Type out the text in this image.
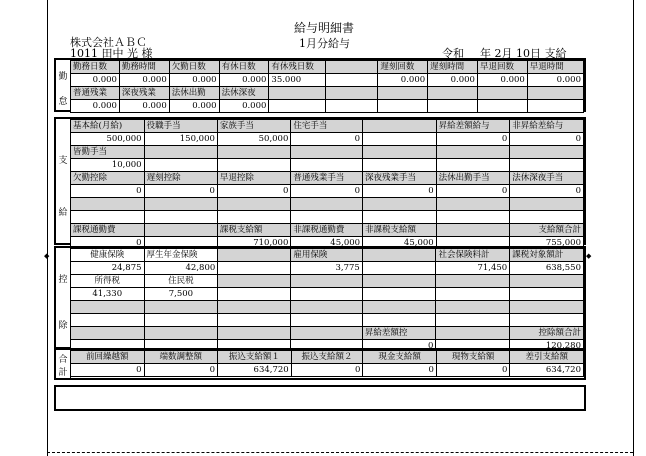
給与明細書
1月分給与
株式会社ＡＢＣ
1011 田中 光 様	令和 年 2月 10日 支給
勤
怠
勤務日数	勤務時間	欠勤日数	有休日数	有休残日数		遅刻回数	遅刻時間	早退回数	早退時間
0.000	0.000	0.000	0.000	35.000		0.000	0.000	0.000	0.000
普通残業	深夜残業	法休出勤	法休深夜						
0.000	0.000	0.000	0.000						
支
給
基本給(月給)	役職手当	家族手当	住宅手当		昇給差額給与	非昇給差給与
500,000	150,000	50,000	0		0	0
皆勤手当						
10,000						
欠勤控除	遅刻控除	早退控除	普通残業手当	深夜残業手当	法休出勤手当	法休深夜手当
0	0	0	0	0	0	0

課税通勤費		課税支給額	非課税通勤費	非課税支給額		支給額合計
0		710,000	45,000	45,000		755,000
◆	◆
控
除
健康保険	厚生年金保険		雇用保険		社会保険料計	課税対象額計
24,875	42,800		3,775		71,450	638,550
所得税	住民税					
41,330	7,500					

				昇給差額控		控除額合計
				0		120,280
合
計
前回繰越額	端数調整額	振込支給額１	振込支給額２	現金支給額	現物支給額	差引支給額
0	0	634,720	0	0	0	634,720
